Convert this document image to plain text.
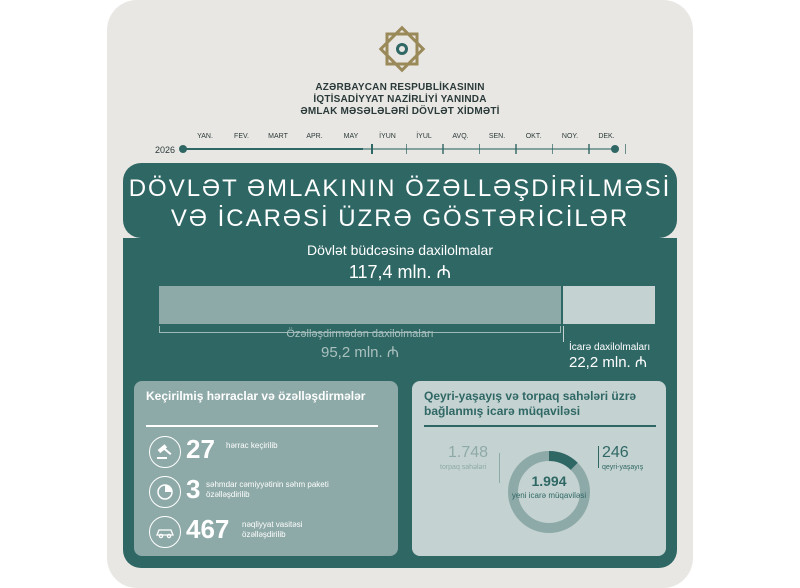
AZƏRBAYCAN RESPUBLİKASININ
İQTİSADİYYAT NAZİRLİYİ YANINDA
ƏMLAK MƏSƏLƏLƏRİ DÖVLƏT XİDMƏTİ
2026
YAN.	FEV.	MART	APR.	MAY	İYUN	İYUL	AVQ.	SEN.	OKT.	NOY.	DEK.
DÖVLƏT ƏMLAKININ ÖZƏLLƏŞDİRİLMƏSİ
VƏ İCARƏSİ ÜZRƏ GÖSTƏRİCİLƏR
Dövlət büdcəsinə daxilolmalar
117,4 mln. ₼
Özəlləşdirmədən daxilolmaları
95,2 mln. ₼	İcarə daxilolmaları
22,2 mln. ₼
Keçirilmiş hərraclar və özəlləşdirmələr
27 hərrac keçirilib
3 səhmdar cəmiyyətinin səhm paketi özəlləşdirilib
467 nəqliyyat vasitəsi özəlləşdirilib
Qeyri-yaşayış və torpaq sahələri üzrə bağlanmış icarə müqaviləsi
1.748
torpaq sahələri
1.994
yeni icarə müqaviləsi
246
qeyri-yaşayış
